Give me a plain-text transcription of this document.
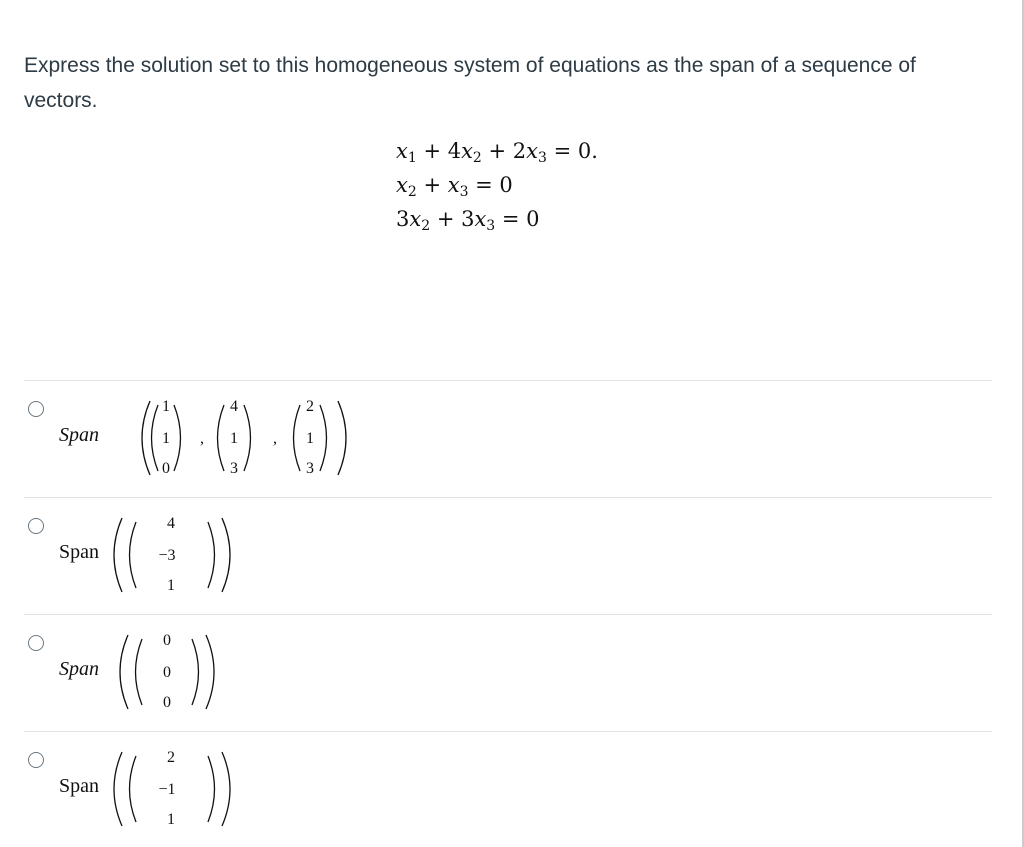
Express the solution set to this homogeneous system of equations as the span of a sequence of vectors.
$x_1 + 4x_2 + 2x_3 = 0$.
$x_2 + x_3 = 0$
$3x_2 + 3x_3 = 0$
Span
1
1
0
,
4
1
3
,
2
1
3
Span
4
−3
1
Span
0
0
0
Span
2
−1
1
